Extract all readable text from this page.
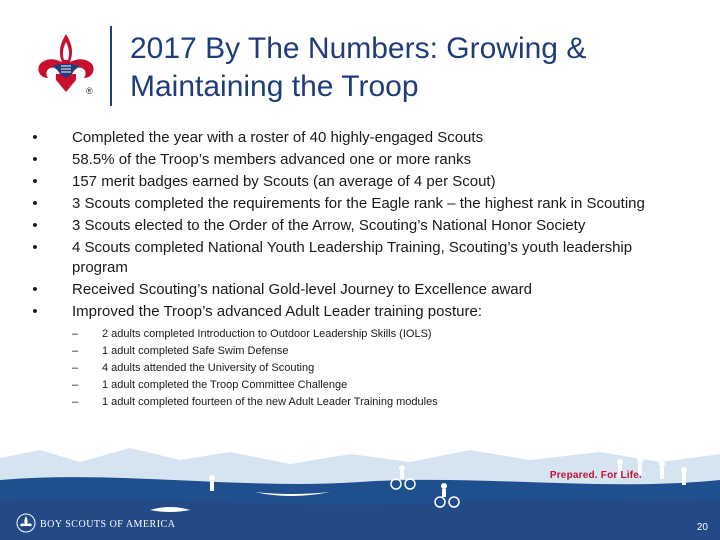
®
2017 By The Numbers: Growing & Maintaining the Troop
• Completed the year with a roster of 40 highly-engaged Scouts
• 58.5% of the Troop’s members advanced one or more ranks
• 157 merit badges earned by Scouts (an average of 4 per Scout)
• 3 Scouts completed the requirements for the Eagle rank – the highest rank in Scouting
• 3 Scouts elected to the Order of the Arrow, Scouting’s National Honor Society
• 4 Scouts completed National Youth Leadership Training, Scouting’s youth leadership program
• Received Scouting’s national Gold-level Journey to Excellence award
• Improved the Troop’s advanced Adult Leader training posture:
– 2 adults completed Introduction to Outdoor Leadership Skills (IOLS)
– 1 adult completed Safe Swim Defense
– 4 adults attended the University of Scouting
– 1 adult completed the Troop Committee Challenge
– 1 adult completed fourteen of the new Adult Leader Training modules
Prepared. For Life.
BOY SCOUTS OF AMERICA	20
